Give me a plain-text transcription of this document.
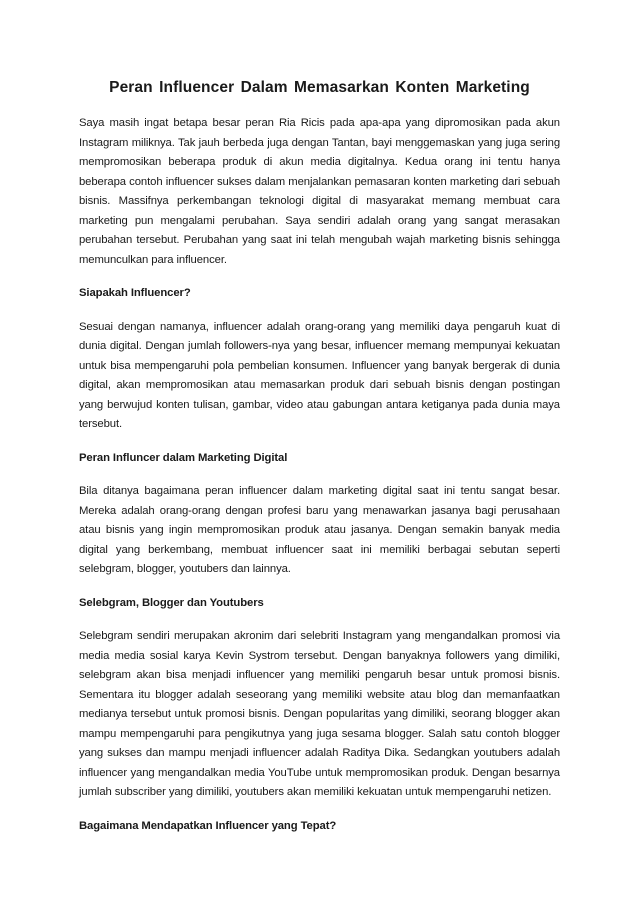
Peran Influencer Dalam Memasarkan Konten Marketing

Saya masih ingat betapa besar peran Ria Ricis pada apa-apa yang dipromosikan pada akun Instagram miliknya. Tak jauh berbeda juga dengan Tantan, bayi menggemaskan yang juga sering mempromosikan beberapa produk di akun media digitalnya. Kedua orang ini tentu hanya beberapa contoh influencer sukses dalam menjalankan pemasaran konten marketing dari sebuah bisnis. Massifnya perkembangan teknologi digital di masyarakat memang membuat cara marketing pun mengalami perubahan. Saya sendiri adalah orang yang sangat merasakan perubahan tersebut. Perubahan yang saat ini telah mengubah wajah marketing bisnis sehingga memunculkan para influencer.

Siapakah Influencer?

Sesuai dengan namanya, influencer adalah orang-orang yang memiliki daya pengaruh kuat di dunia digital. Dengan jumlah followers-nya yang besar, influencer memang mempunyai kekuatan untuk bisa mempengaruhi pola pembelian konsumen. Influencer yang banyak bergerak di dunia digital, akan mempromosikan atau memasarkan produk dari sebuah bisnis dengan postingan yang berwujud konten tulisan, gambar, video atau gabungan antara ketiganya pada dunia maya tersebut.

Peran Influncer dalam Marketing Digital

Bila ditanya bagaimana peran influencer dalam marketing digital saat ini tentu sangat besar. Mereka adalah orang-orang dengan profesi baru yang menawarkan jasanya bagi perusahaan atau bisnis yang ingin mempromosikan produk atau jasanya. Dengan semakin banyak media digital yang berkembang, membuat influencer saat ini memiliki berbagai sebutan seperti selebgram, blogger, youtubers dan lainnya.

Selebgram, Blogger dan Youtubers

Selebgram sendiri merupakan akronim dari selebriti Instagram yang mengandalkan promosi via media media sosial karya Kevin Systrom tersebut. Dengan banyaknya followers yang dimiliki, selebgram akan bisa menjadi influencer yang memiliki pengaruh besar untuk promosi bisnis. Sementara itu blogger adalah seseorang yang memiliki website atau blog dan memanfaatkan medianya tersebut untuk promosi bisnis. Dengan popularitas yang dimiliki, seorang blogger akan mampu mempengaruhi para pengikutnya yang juga sesama blogger. Salah satu contoh blogger yang sukses dan mampu menjadi influencer adalah Raditya Dika. Sedangkan youtubers adalah influencer yang mengandalkan media YouTube untuk mempromosikan produk. Dengan besarnya jumlah subscriber yang dimiliki, youtubers akan memiliki kekuatan untuk mempengaruhi netizen.

Bagaimana Mendapatkan Influencer yang Tepat?
